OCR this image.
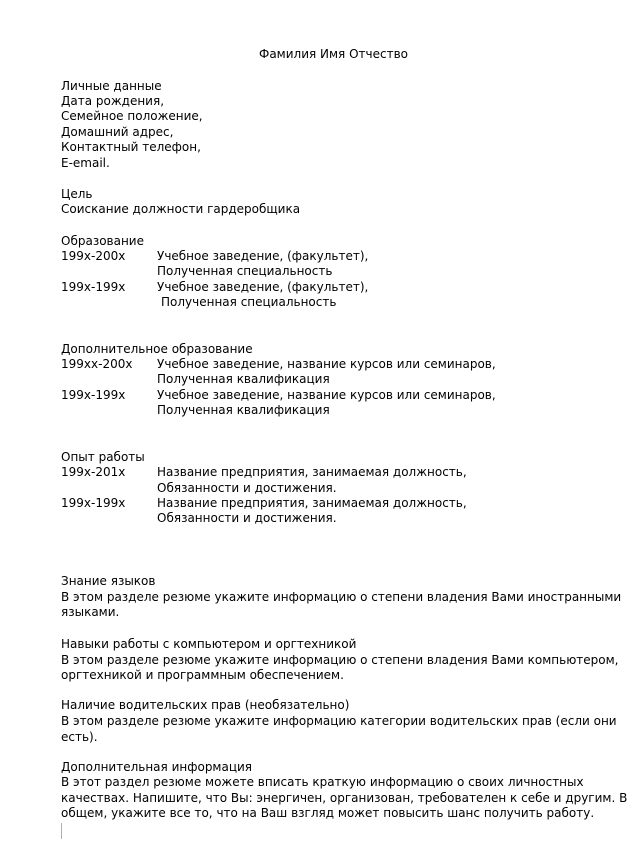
Фамилия Имя Отчество
Личные данные
Дата рождения,
Семейное положение,
Домашний адрес,
Контактный телефон,
E-email.
Цель
Соискание должности гардеробщика
Образование
199x-200x	Учебное заведение, (факультет),
Полученная специальность
199x-199x	Учебное заведение, (факультет),
Полученная специальность
Дополнительное образование
199xx-200x Учебное заведение, название курсов или семинаров,
Полученная квалификация
199x-199x	Учебное заведение, название курсов или семинаров,
Полученная квалификация
Опыт работы
199x-201x	Название предприятия, занимаемая должность,
Обязанности и достижения.
199x-199x	Название предприятия, занимаемая должность,
Обязанности и достижения.
Знание языков
В этом разделе резюме укажите информацию о степени владения Вами иностранными
языками.
Навыки работы с компьютером и оргтехникой
В этом разделе резюме укажите информацию о степени владения Вами компьютером,
оргтехникой и программным обеспечением.
Наличие водительских прав (необязательно)
В этом разделе резюме укажите информацию категории водительских прав (если они
есть).
Дополнительная информация
В этот раздел резюме можете вписать краткую информацию о своих личностных
качествах. Напишите, что Вы: энергичен, организован, требователен к себе и другим. В
общем, укажите все то, что на Ваш взгляд может повысить шанс получить работу.
